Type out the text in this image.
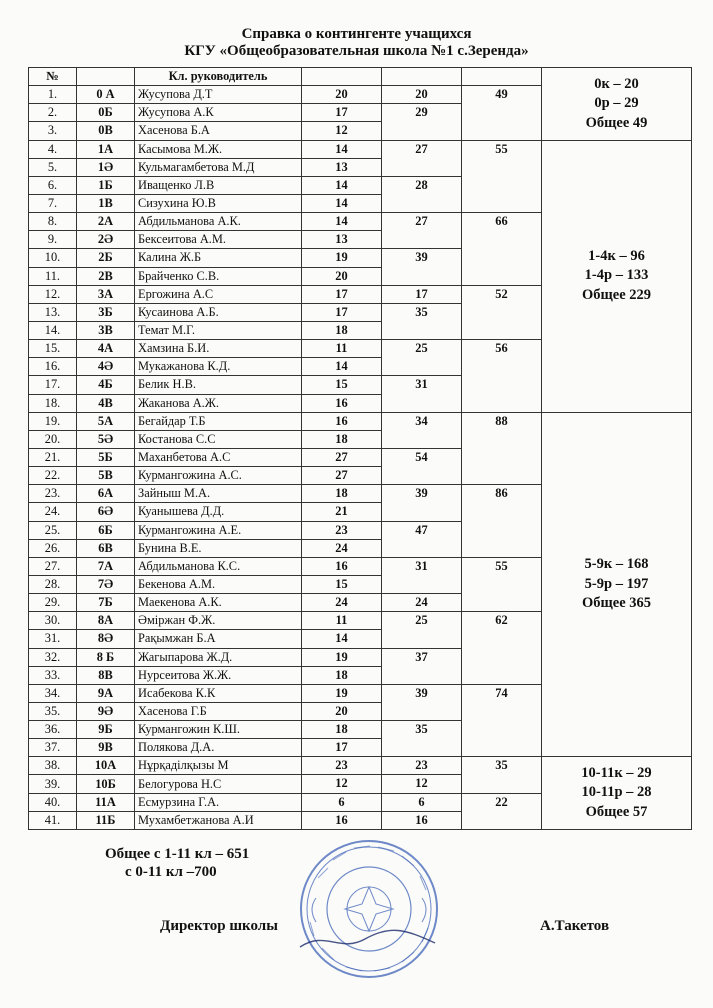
Справка о контингенте учащихся
КГУ «Общеобразовательная школа №1 с.Зерендa»
№		Кл. руководитель				0к – 20
0р – 29
Общее 49

1.	0 А	Жусупова Д.Т	20	20	49	
2.	0Б	Жусупова А.К	17	29		
3.	0В	Хасенова Б.А	12			
4.	1А	Касымова М.Ж.	14	27	55	1-4к – 96
1-4р – 133
Общее 229

5.	1Ә	Кульмагамбетова М.Д	13			
6.	1Б	Иващенко Л.В	14	28		
7.	1В	Сизухина Ю.В	14			
8.	2А	Абдильманова А.К.	14	27	66	
9.	2Ә	Бексеитова А.М.	13			
10.	2Б	Калина Ж.Б	19	39		
11.	2В	Брайченко С.В.	20			
12.	3А	Ергожина А.С	17	17	52	
13.	3Б	Кусаинова А.Б.	17	35		
14.	3В	Темат М.Г.	18			
15.	4А	Хамзина Б.И.	11	25	56	
16.	4Ә	Мукажанова К.Д.	14			
17.	4Б	Белик Н.В.	15	31		
18.	4В	Жаканова А.Ж.	16			
19.	5А	Бегайдар Т.Б	16	34	88	5-9к – 168
5-9р – 197
Общее 365

20.	5Ә	Костанова С.С	18			
21.	5Б	Маханбетова А.С	27	54		
22.	5В	Курмангожина А.С.	27			
23.	6А	Зайныш М.А.	18	39	86	
24.	6Ә	Куанышева Д.Д.	21			
25.	6Б	Курмангожина А.Е.	23	47		
26.	6В	Бунина В.Е.	24			
27.	7А	Абдильманова К.С.	16	31	55	
28.	7Ә	Бекенова А.М.	15			
29.	7Б	Маекенова А.К.	24	24		
30.	8А	Әміржан Ф.Ж.	11	25	62	
31.	8Ә	Рақымжан Б.А	14			
32.	8 Б	Жагыпарова Ж.Д.	19	37		
33.	8В	Нурсеитова Ж.Ж.	18			
34.	9А	Исабекова К.К	19	39	74	
35.	9Ә	Хасенова Г.Б	20			
36.	9Б	Курмангожин К.Ш.	18	35		
37.	9В	Полякова Д.А.	17			
38.	10А	Нұрқаділқызы М	23	23	35	10-11к – 29
10-11р – 28
Общее 57

39.	10Б	Белогурова Н.С	12	12		
40.	11А	Есмурзина Г.А.	6	6	22	
41.	11Б	Мухамбетжанова А.И	16	16		
Общее с 1-11 кл – 651
с 0-11 кл –700
Директор школы	А.Такетов
